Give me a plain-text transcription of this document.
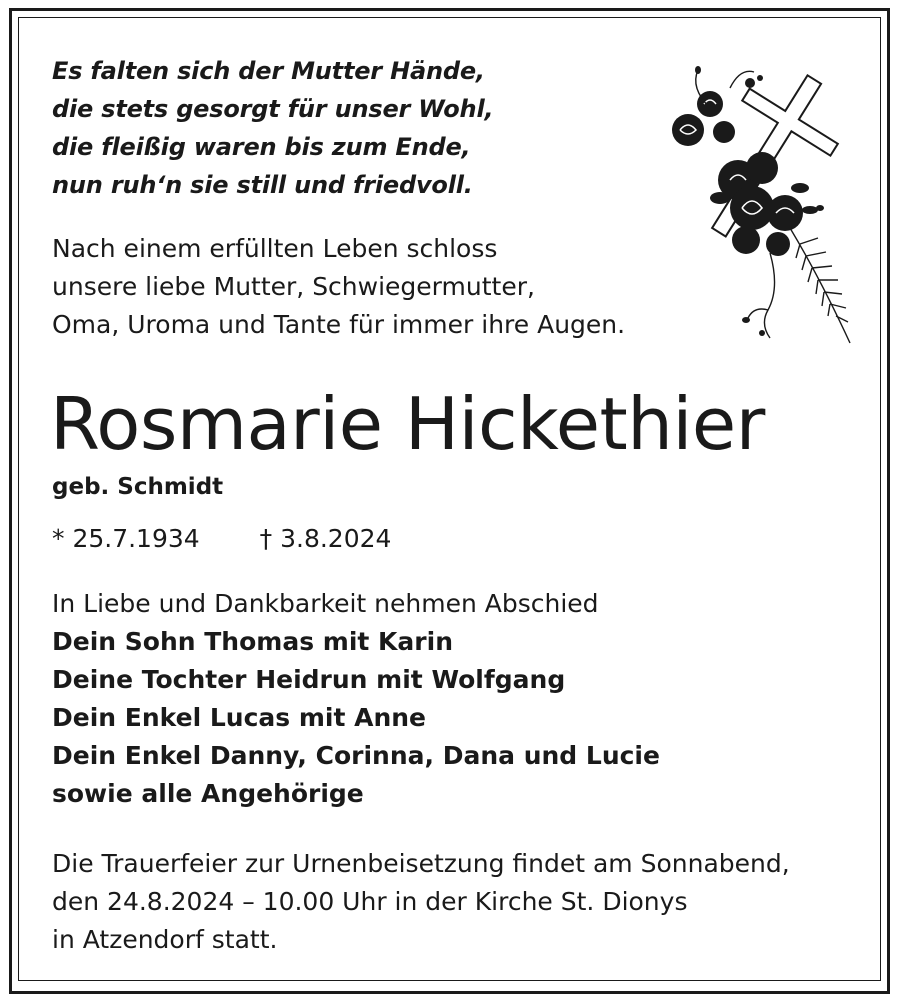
Es falten sich der Mutter Hände,
die stets gesorgt für unser Wohl,
die fleißig waren bis zum Ende,
nun ruh‘n sie still und friedvoll.
Nach einem erfüllten Leben schloss
unsere liebe Mutter, Schwiegermutter,
Oma, Uroma und Tante für immer ihre Augen.
Rosmarie Hickethier
geb. Schmidt
* 25.7.1934 † 3.8.2024
In Liebe und Dankbarkeit nehmen Abschied
Dein Sohn Thomas mit Karin
Deine Tochter Heidrun mit Wolfgang
Dein Enkel Lucas mit Anne
Dein Enkel Danny, Corinna, Dana und Lucie
sowie alle Angehörige
Die Trauerfeier zur Urnenbeisetzung findet am Sonnabend,
den 24.8.2024 – 10.00 Uhr in der Kirche St. Dionys
in Atzendorf statt.
